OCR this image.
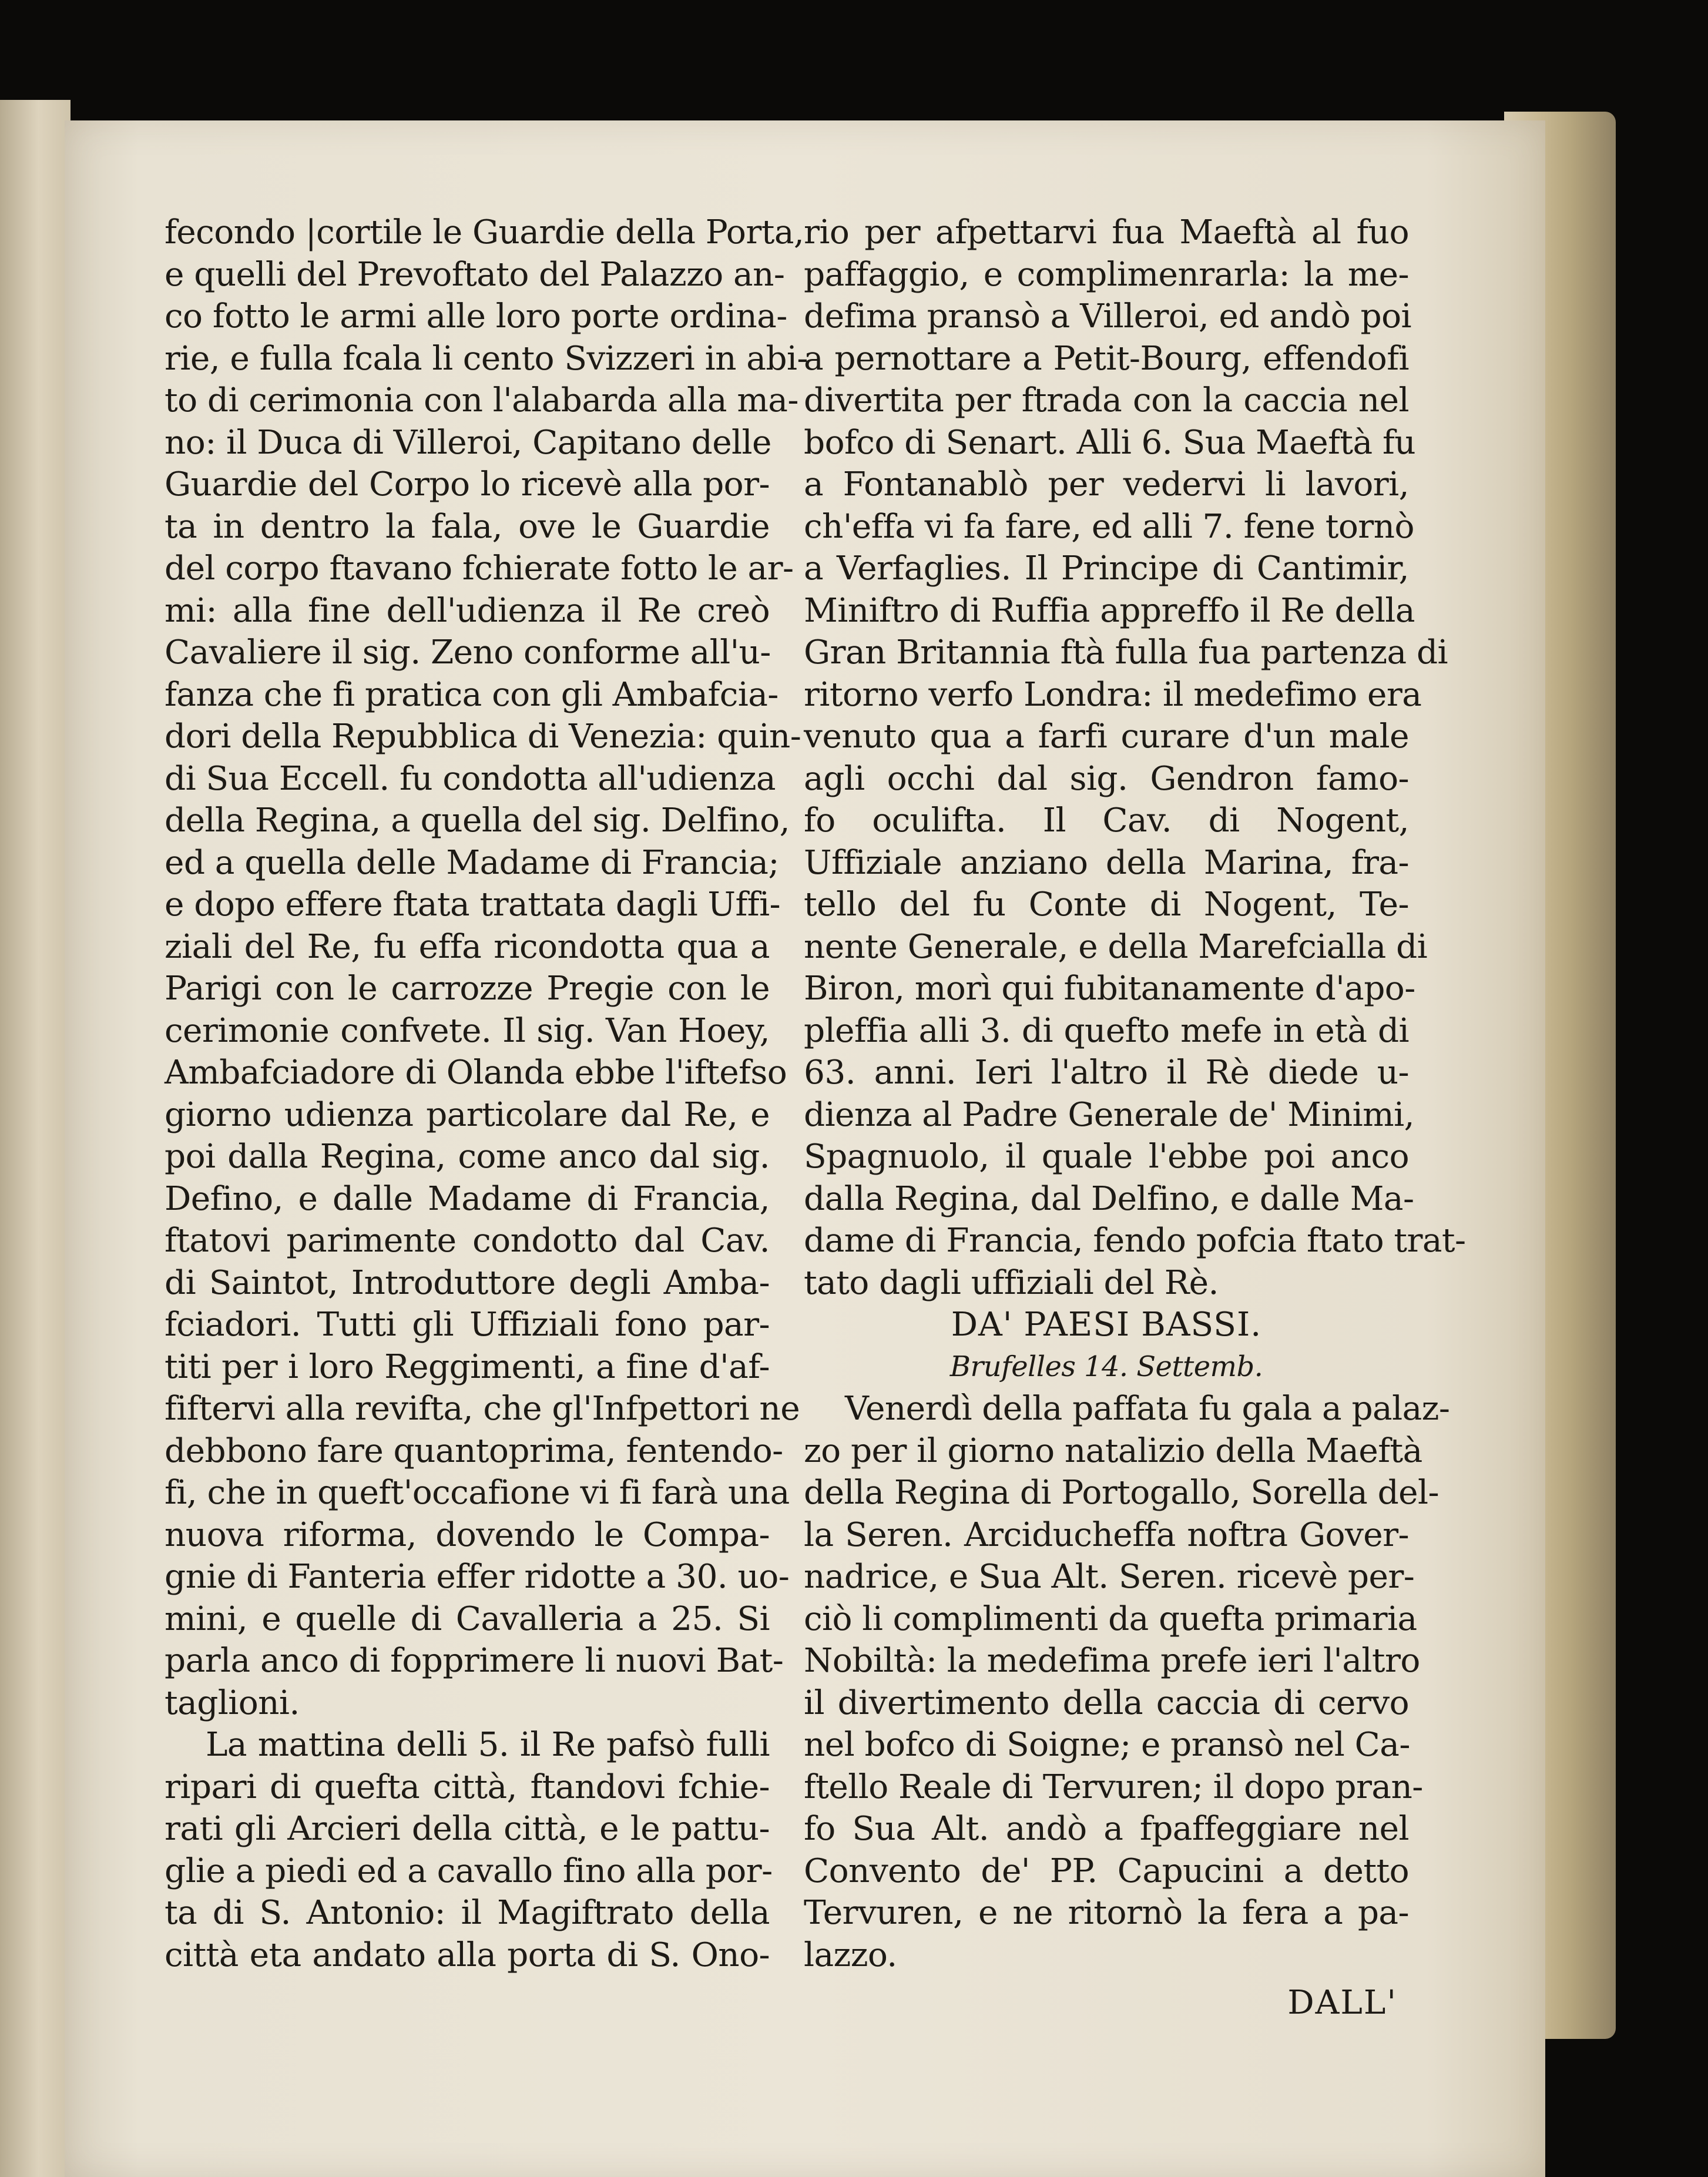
fecondo |cortile le Guardie della Porta,
e quelli del Prevoftato del Palazzo an-
co fotto le armi alle loro porte ordina-
rie, e fulla fcala li cento Svizzeri in abi-
to di cerimonia con l'alabarda alla ma-
no: il Duca di Villeroi, Capitano delle
Guardie del Corpo lo ricevè alla por-
ta in dentro la fala, ove le Guardie
del corpo ftavano fchierate fotto le ar-
mi: alla fine dell'udienza il Re creò
Cavaliere il sig. Zeno conforme all'u-
fanza che fi pratica con gli Ambafcia-
dori della Repubblica di Venezia: quin-
di Sua Eccell. fu condotta all'udienza
della Regina, a quella del sig. Delfino,
ed a quella delle Madame di Francia;
e dopo effere ftata trattata dagli Uffi-
ziali del Re, fu effa ricondotta qua a
Parigi con le carrozze Pregie con le
cerimonie confvete. Il sig. Van Hoey,
Ambafciadore di Olanda ebbe l'iftefso
giorno udienza particolare dal Re, e
poi dalla Regina, come anco dal sig.
Defino, e dalle Madame di Francia,
ftatovi parimente condotto dal Cav.
di Saintot, Introduttore degli Amba-
fciadori. Tutti gli Uffiziali fono par-
titi per i loro Reggimenti, a fine d'af-
fiftervi alla revifta, che gl'Infpettori ne
debbono fare quantoprima, fentendo-
fi, che in queft'occafione vi fi farà una
nuova riforma, dovendo le Compa-
gnie di Fanteria effer ridotte a 30. uo-
mini, e quelle di Cavalleria a 25. Si
parla anco di fopprimere li nuovi Bat-
taglioni.
La mattina delli 5. il Re pafsò fulli
ripari di quefta città, ftandovi fchie-
rati gli Arcieri della città, e le pattu-
glie a piedi ed a cavallo fino alla por-
ta di S. Antonio: il Magiftrato della
città eta andato alla porta di S. Ono-
rio per afpettarvi fua Maeftà al fuo
paffaggio, e complimenrarla: la me-
defima pransò a Villeroi, ed andò poi
a pernottare a Petit-Bourg, effendofi
divertita per ftrada con la caccia nel
bofco di Senart. Alli 6. Sua Maeftà fu
a Fontanablò per vedervi li lavori,
ch'effa vi fa fare, ed alli 7. fene tornò
a Verfaglies. Il Principe di Cantimir,
Miniftro di Ruffia appreffo il Re della
Gran Britannia ftà fulla fua partenza di
ritorno verfo Londra: il medefimo era
venuto qua a farfi curare d'un male
agli occhi dal sig. Gendron famo-
fo oculifta. Il Cav. di Nogent,
Uffiziale anziano della Marina, fra-
tello del fu Conte di Nogent, Te-
nente Generale, e della Marefcialla di
Biron, morì qui fubitanamente d'apo-
pleffia alli 3. di quefto mefe in età di
63. anni. Ieri l'altro il Rè diede u-
dienza al Padre Generale de' Minimi,
Spagnuolo, il quale l'ebbe poi anco
dalla Regina, dal Delfino, e dalle Ma-
dame di Francia, fendo pofcia ftato trat-
tato dagli uffiziali del Rè.
DA' PAESI BASSI.
Brufelles 14. Settemb.
Venerdì della paffata fu gala a palaz-
zo per il giorno natalizio della Maeftà
della Regina di Portogallo, Sorella del-
la Seren. Arciducheffa noftra Gover-
nadrice, e Sua Alt. Seren. ricevè per-
ciò li complimenti da quefta primaria
Nobiltà: la medefima prefe ieri l'altro
il divertimento della caccia di cervo
nel bofco di Soigne; e pransò nel Ca-
ftello Reale di Tervuren; il dopo pran-
fo Sua Alt. andò a fpaffeggiare nel
Convento de' PP. Capucini a detto
Tervuren, e ne ritornò la fera a pa-
lazzo.
DALL'
